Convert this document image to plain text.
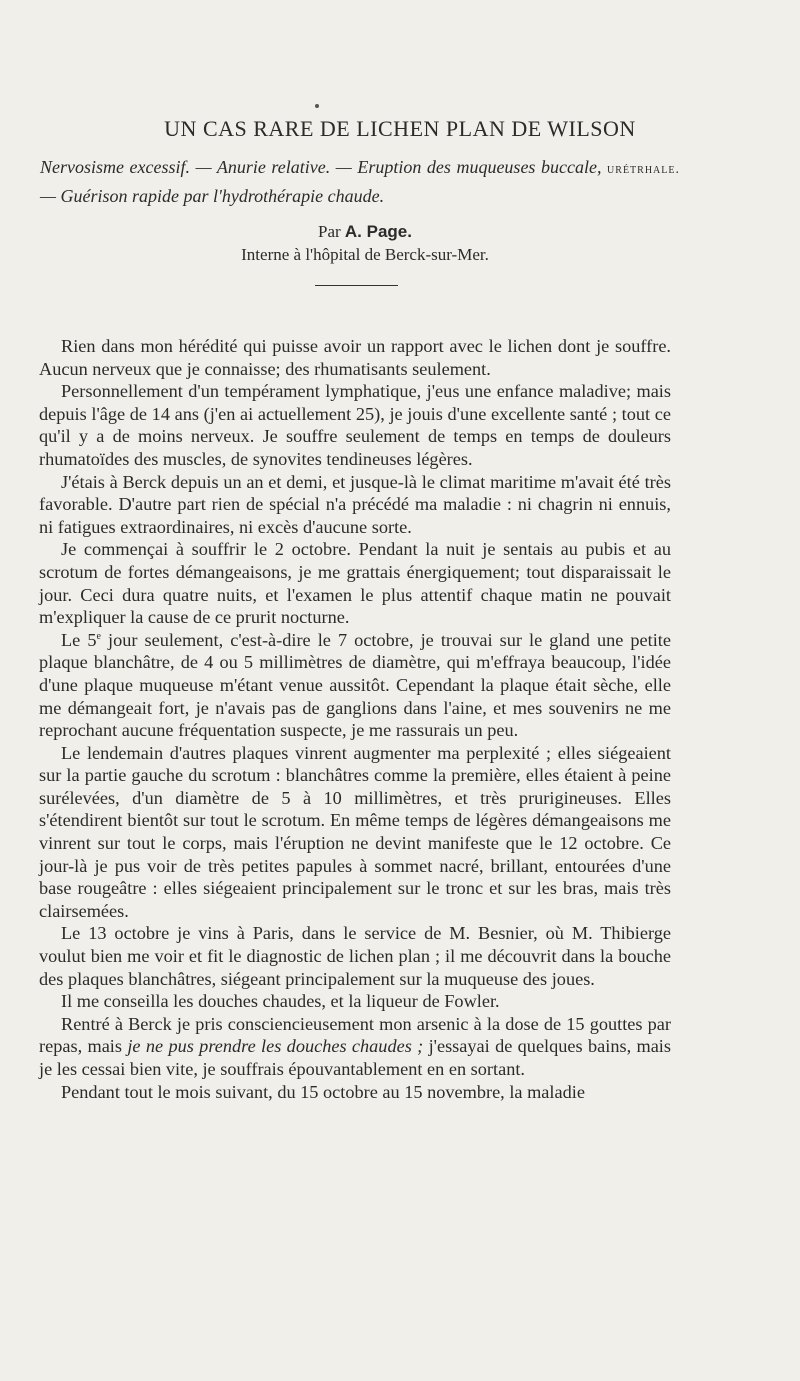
UN CAS RARE DE LICHEN PLAN DE WILSON
Nervosisme excessif. — Anurie relative. — Eruption des muqueuses buccale, urétrhale. — Guérison rapide par l'hydrothérapie chaude.
Par A. Page.
Interne à l'hôpital de Berck-sur-Mer.

Rien dans mon hérédité qui puisse avoir un rapport avec le lichen dont je souffre. Aucun nerveux que je connaisse; des rhumatisants seulement.

Personnellement d'un tempérament lymphatique, j'eus une enfance maladive; mais depuis l'âge de 14 ans (j'en ai actuellement 25), je jouis d'une excellente santé ; tout ce qu'il y a de moins nerveux. Je souffre seulement de temps en temps de douleurs rhumatoïdes des muscles, de synovites tendineuses légères.

J'étais à Berck depuis un an et demi, et jusque-là le climat maritime m'avait été très favorable. D'autre part rien de spécial n'a précédé ma maladie : ni chagrin ni ennuis, ni fatigues extraordinaires, ni excès d'aucune sorte.

Je commençai à souffrir le 2 octobre. Pendant la nuit je sentais au pubis et au scrotum de fortes démangeaisons, je me grattais énergiquement; tout disparaissait le jour. Ceci dura quatre nuits, et l'examen le plus attentif chaque matin ne pouvait m'expliquer la cause de ce prurit nocturne.

Le 5e jour seulement, c'est-à-dire le 7 octobre, je trouvai sur le gland une petite plaque blanchâtre, de 4 ou 5 millimètres de diamètre, qui m'effraya beaucoup, l'idée d'une plaque muqueuse m'étant venue aussitôt. Cependant la plaque était sèche, elle me démangeait fort, je n'avais pas de ganglions dans l'aine, et mes souvenirs ne me reprochant aucune fréquentation suspecte, je me rassurais un peu.

Le lendemain d'autres plaques vinrent augmenter ma perplexité ; elles siégeaient sur la partie gauche du scrotum : blanchâtres comme la première, elles étaient à peine surélevées, d'un diamètre de 5 à 10 millimètres, et très prurigineuses. Elles s'étendirent bientôt sur tout le scrotum. En même temps de légères démangeaisons me vinrent sur tout le corps, mais l'éruption ne devint manifeste que le 12 octobre. Ce jour-là je pus voir de très petites papules à sommet nacré, brillant, entourées d'une base rougeâtre : elles siégeaient principalement sur le tronc et sur les bras, mais très clairsemées.

Le 13 octobre je vins à Paris, dans le service de M. Besnier, où M. Thibierge voulut bien me voir et fit le diagnostic de lichen plan ; il me découvrit dans la bouche des plaques blanchâtres, siégeant principalement sur la muqueuse des joues.

Il me conseilla les douches chaudes, et la liqueur de Fowler.

Rentré à Berck je pris consciencieusement mon arsenic à la dose de 15 gouttes par repas, mais je ne pus prendre les douches chaudes ; j'essayai de quelques bains, mais je les cessai bien vite, je souffrais épouvantablement en en sortant.

Pendant tout le mois suivant, du 15 octobre au 15 novembre, la maladie
